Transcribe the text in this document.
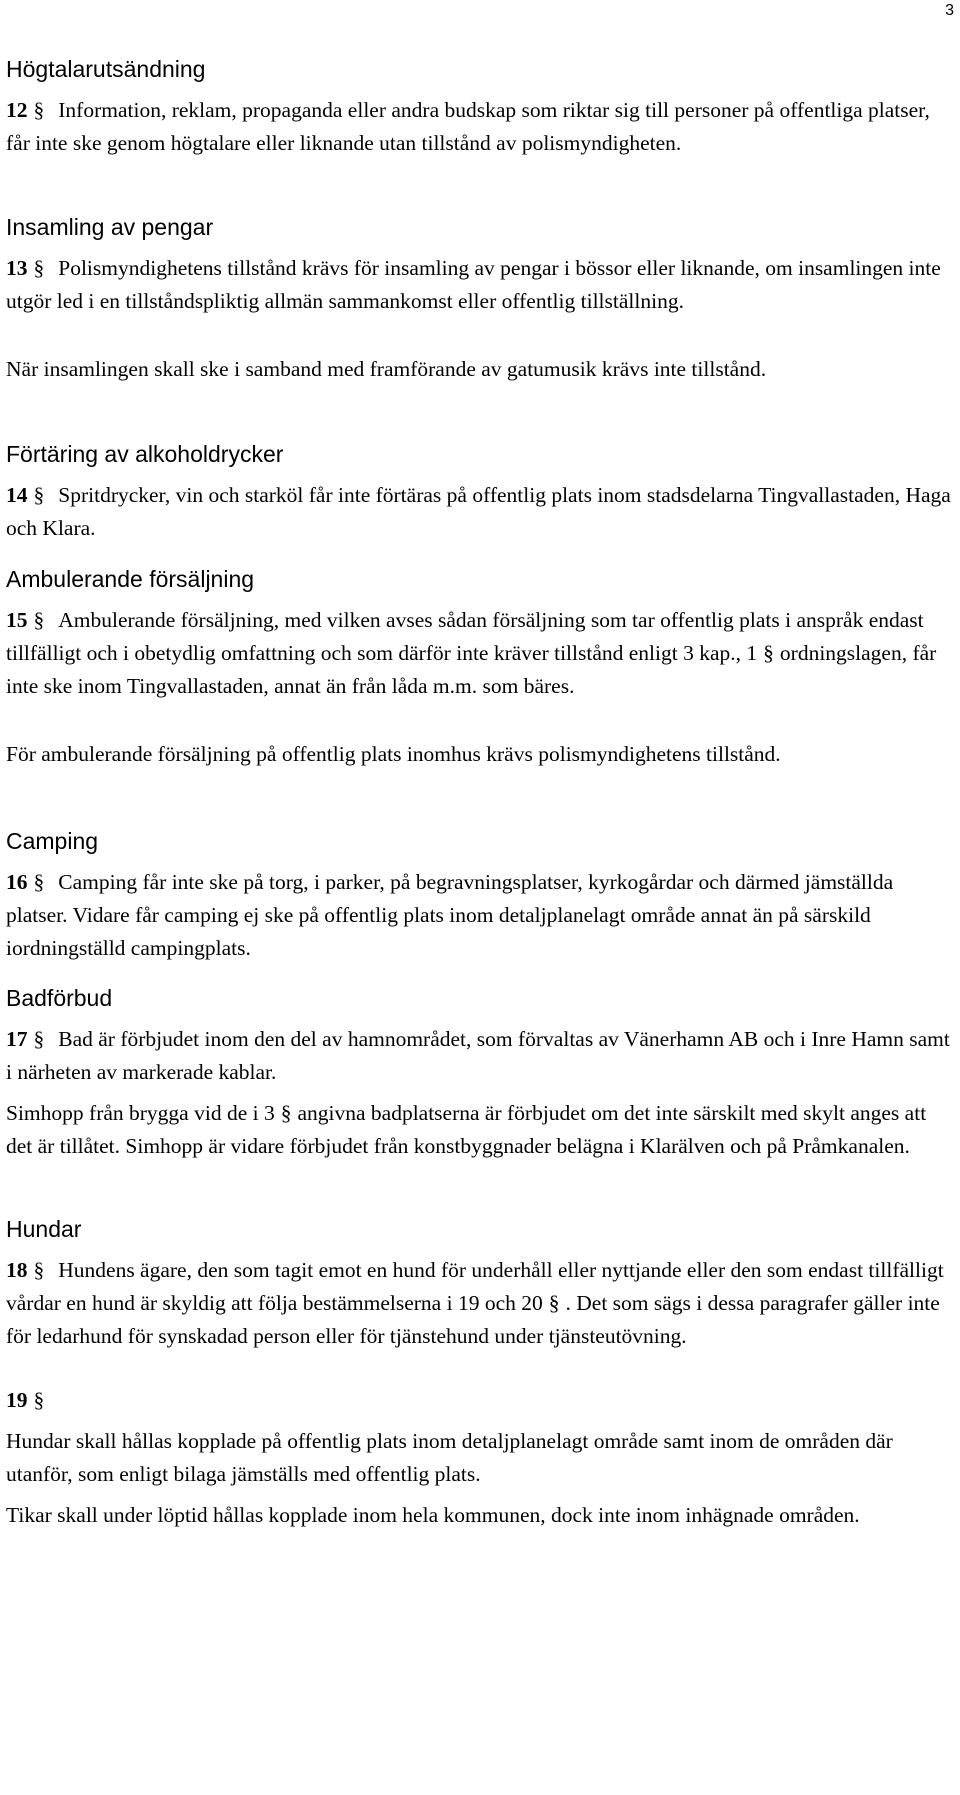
3
Högtalarutsändning

12 § Information, reklam, propaganda eller andra budskap som riktar sig till personer på offentliga platser, får inte ske genom högtalare eller liknande utan tillstånd av polismyndigheten.

Insamling av pengar

13 § Polismyndighetens tillstånd krävs för insamling av pengar i bössor eller liknande, om insamlingen inte utgör led i en tillståndspliktig allmän sammankomst eller offentlig tillställning.

När insamlingen skall ske i samband med framförande av gatumusik krävs inte tillstånd.

Förtäring av alkoholdrycker

14 § Spritdrycker, vin och starköl får inte förtäras på offentlig plats inom stadsdelarna Tingvallastaden, Haga och Klara.

Ambulerande försäljning

15 § Ambulerande försäljning, med vilken avses sådan försäljning som tar offentlig plats i anspråk endast tillfälligt och i obetydlig omfattning och som därför inte kräver tillstånd enligt 3 kap., 1 § ordningslagen, får inte ske inom Tingvallastaden, annat än från låda m.m. som bäres.

För ambulerande försäljning på offentlig plats inomhus krävs polismyndighetens tillstånd.

Camping

16 § Camping får inte ske på torg, i parker, på begravningsplatser, kyrkogårdar och därmed jämställda platser. Vidare får camping ej ske på offentlig plats inom detaljplanelagt område annat än på särskild iordningställd campingplats.

Badförbud

17 § Bad är förbjudet inom den del av hamnområdet, som förvaltas av Vänerhamn AB och i Inre Hamn samt i närheten av markerade kablar.

Simhopp från brygga vid de i 3 § angivna badplatserna är förbjudet om det inte särskilt med skylt anges att det är tillåtet. Simhopp är vidare förbjudet från konstbyggnader belägna i Klarälven och på Pråmkanalen.

Hundar

18 § Hundens ägare, den som tagit emot en hund för underhåll eller nyttjande eller den som endast tillfälligt vårdar en hund är skyldig att följa bestämmelserna i 19 och 20 § . Det som sägs i dessa paragrafer gäller inte för ledarhund för synskadad person eller för tjänstehund under tjänsteutövning.

19 §

Hundar skall hållas kopplade på offentlig plats inom detaljplanelagt område samt inom de områden där utanför, som enligt bilaga jämställs med offentlig plats.

Tikar skall under löptid hållas kopplade inom hela kommunen, dock inte inom inhägnade områden.
